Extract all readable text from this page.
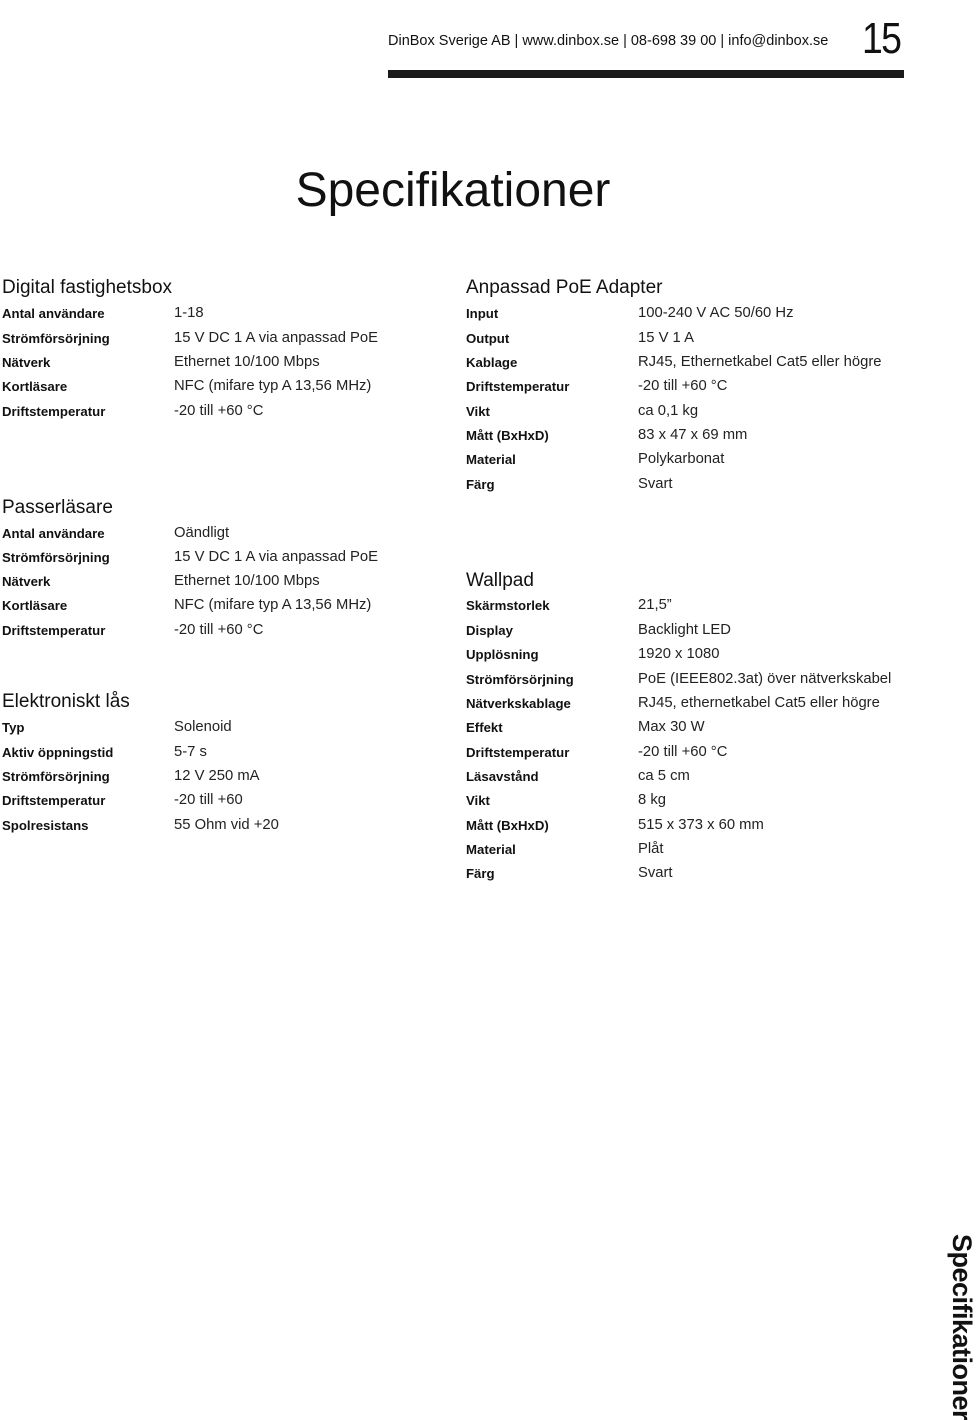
DinBox Sverige AB | www.dinbox.se | 08-698 39 00 | info@dinbox.se 15
Specifikationer
Digital fastighetsbox
Antal användare	1-18
Strömförsörjning	15 V DC 1 A via anpassad PoE
Nätverk	Ethernet 10/100 Mbps
Kortläsare	NFC (mifare typ A 13,56 MHz)
Driftstemperatur	-20 till +60 °C
Passerläsare
Antal användare	Oändligt
Strömförsörjning	15 V DC 1 A via anpassad PoE
Nätverk	Ethernet 10/100 Mbps
Kortläsare	NFC (mifare typ A 13,56 MHz)
Driftstemperatur	-20 till +60 °C
Elektroniskt lås
Typ	Solenoid
Aktiv öppningstid	5-7 s
Strömförsörjning	12 V 250 mA
Driftstemperatur	-20 till +60
Spolresistans	55 Ohm vid +20
Anpassad PoE Adapter
Input	100-240 V AC 50/60 Hz
Output	15 V 1 A
Kablage	RJ45, Ethernetkabel Cat5 eller högre
Driftstemperatur	-20 till +60 °C
Vikt	ca 0,1 kg
Mått (BxHxD)	83 x 47 x 69 mm
Material	Polykarbonat
Färg	Svart
Wallpad
Skärmstorlek	21,5”
Display	Backlight LED
Upplösning	1920 x 1080
Strömförsörjning	PoE (IEEE802.3at) över nätverkskabel
Nätverkskablage	RJ45, ethernetkabel Cat5 eller högre
Effekt	Max 30 W
Driftstemperatur	-20 till +60 °C
Läsavstånd	ca 5 cm
Vikt	8 kg
Mått (BxHxD)	515 x 373 x 60 mm
Material	Plåt
Färg	Svart
Specifikationer
